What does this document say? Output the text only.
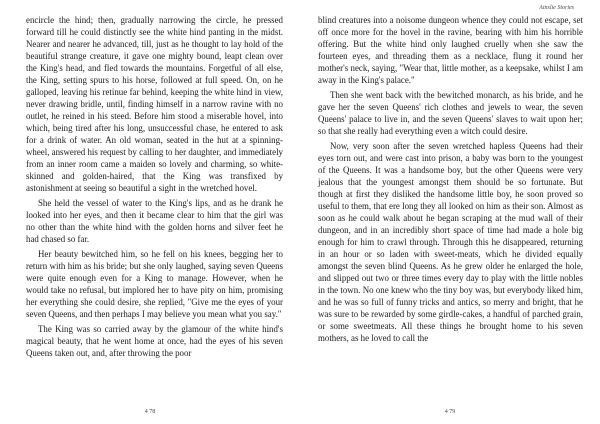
encircle the hind; then, gradually narrowing the circle, he pressed forward till he could distinctly see the white hind panting in the midst. Nearer and nearer he advanced, till, just as he thought to lay hold of the beautiful strange creature, it gave one mighty bound, leapt clean over the King's head, and fled towards the mountains. Forgetful of all else, the King, setting spurs to his horse, followed at full speed. On, on he galloped, leaving his retinue far behind, keeping the white hind in view, never drawing bridle, until, finding himself in a narrow ravine with no outlet, he reined in his steed. Before him stood a miserable hovel, into which, being tired after his long, unsuccessful chase, he entered to ask for a drink of water. An old woman, seated in the hut at a spinning-wheel, answered his request by calling to her daughter, and immediately from an inner room came a maiden so lovely and charming, so white-skinned and golden-haired, that the King was transfixed by astonishment at seeing so beautiful a sight in the wretched hovel.

She held the vessel of water to the King's lips, and as he drank he looked into her eyes, and then it became clear to him that the girl was no other than the white hind with the golden horns and silver feet he had chased so far.

Her beauty bewitched him, so he fell on his knees, begging her to return with him as his bride; but she only laughed, saying seven Queens were quite enough even for a King to manage. However, when he would take no refusal, but implored her to have pity on him, promising her everything she could desire, she replied, "Give me the eyes of your seven Queens, and then perhaps I may believe you mean what you say."

The King was so carried away by the glamour of the white hind's magical beauty, that he went home at once, had the eyes of his seven Queens taken out, and, after throwing the poor

4 78
Ainslie Stories

blind creatures into a noisome dungeon whence they could not escape, set off once more for the hovel in the ravine, bearing with him his horrible offering. But the white hind only laughed cruelly when she saw the fourteen eyes, and threading them as a necklace, flung it round her mother's neck, saying, "Wear that, little mother, as a keepsake, whilst I am away in the King's palace."

Then she went back with the bewitched monarch, as his bride, and he gave her the seven Queens' rich clothes and jewels to wear, the seven Queens' palace to live in, and the seven Queens' slaves to wait upon her; so that she really had everything even a witch could desire.

Now, very soon after the seven wretched hapless Queens had their eyes torn out, and were cast into prison, a baby was born to the youngest of the Queens. It was a handsome boy, but the other Queens were very jealous that the youngest amongst them should be so fortunate. But though at first they disliked the handsome little boy, he soon proved so useful to them, that ere long they all looked on him as their son. Almost as soon as he could walk about he began scraping at the mud wall of their dungeon, and in an incredibly short space of time had made a hole big enough for him to crawl through. Through this he disappeared, returning in an hour or so laden with sweet-meats, which he divided equally amongst the seven blind Queens. As he grew older he enlarged the hole, and slipped out two or three times every day to play with the little nobles in the town. No one knew who the tiny boy was, but everybody liked him, and he was so full of funny tricks and antics, so merry and bright, that he was sure to be rewarded by some girdle-cakes, a handful of parched grain, or some sweetmeats. All these things he brought home to his seven mothers, as he loved to call the

4 79
